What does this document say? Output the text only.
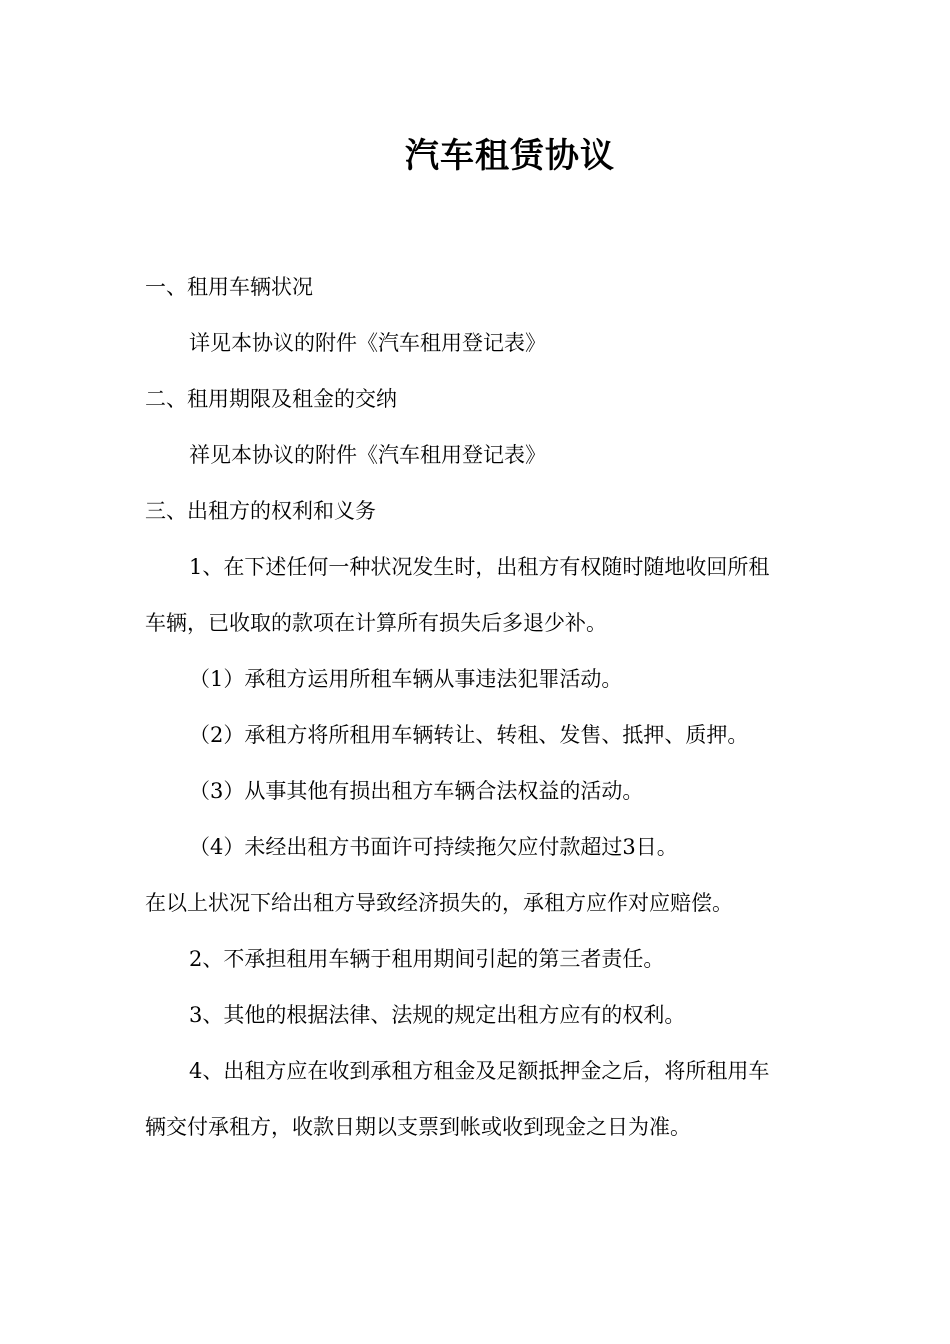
汽车租赁协议

一、租用车辆状况

详见本协议的附件《汽车租用登记表》

二、租用期限及租金的交纳

祥见本协议的附件《汽车租用登记表》

三、出租方的权利和义务

1、在下述任何一种状况发生时，出租方有权随时随地收回所租

车辆，已收取的款项在计算所有损失后多退少补。

（1）承租方运用所租车辆从事违法犯罪活动。

（2）承租方将所租用车辆转让、转租、发售、抵押、质押。

（3）从事其他有损出租方车辆合法权益的活动。

（4）未经出租方书面许可持续拖欠应付款超过3日。

在以上状况下给出租方导致经济损失的，承租方应作对应赔偿。

2、不承担租用车辆于租用期间引起的第三者责任。

3、其他的根据法律、法规的规定出租方应有的权利。

4、出租方应在收到承租方租金及足额抵押金之后，将所租用车

辆交付承租方，收款日期以支票到帐或收到现金之日为准。
